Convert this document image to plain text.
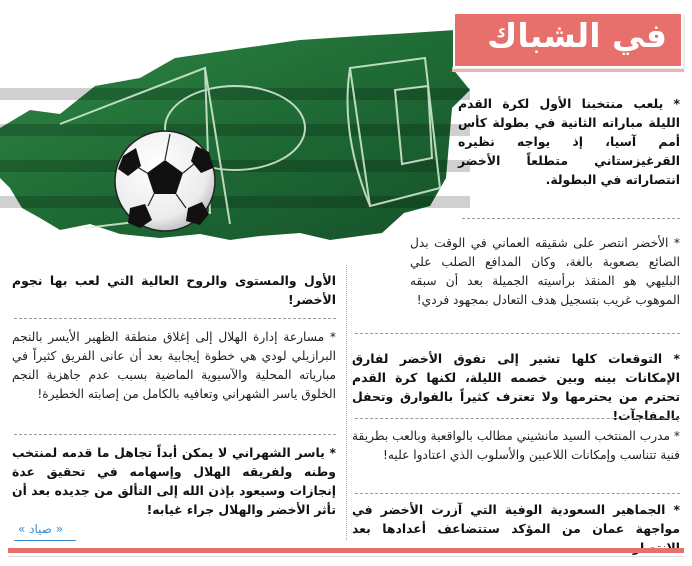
في الشباك
* يلعب منتخبنا الأول لكرة القدم الليلة مباراته الثانية في بطولة كأس أمم آسيا، إذ يواجه نظيره القرغيزستاني متطلعاً الأخضر انتصاراته في البطولة.
* الأخضر انتصر على شقيقه العماني في الوقت بدل الضائع بصعوبة بالغة، وكان المدافع الصلب علي البليهي هو المنقذ برأسيته الجميلة بعد أن سبقه الموهوب غريب بتسجيل هدف التعادل بمجهود فردي!
* التوقعات كلها تشير إلى تفوق الأخضر لفارق الإمكانات بينه وبين خصمه الليلة، لكنها كرة القدم تحترم من يحترمها ولا تعترف كثيراً بالفوارق وتحفل بالمفاجآت!
* مدرب المنتخب السيد مانشيني مطالب بالواقعية وبالعب بطريقة فنية تتناسب وإمكانات اللاعبين والأسلوب الذي اعتادوا عليه!
* الجماهير السعودية الوفية التي آزرت الأخضر في مواجهة عمان من المؤكد ستتضاعف أعدادها بعد
الأول والمستوى والروح العالية التي لعب بها نجوم الأخضر!
* مسارعة إدارة الهلال إلى إغلاق منطقة الظهير الأيسر بالنجم البرازيلي لودي هي خطوة إيجابية بعد أن عانى الفريق كثيراً في مبارياته المحلية والآسيوية الماضية بسبب عدم جاهزية النجم الخلوق ياسر الشهراني وتعافيه بالكامل من إصابته الخطيرة!
* ياسر الشهراني لا يمكن أبداً تجاهل ما قدمه لمنتخب وطنه ولفريقه الهلال وإسهامه في تحقيق عدة إنجازات وسيعود بإذن الله إلى التألق من جديده بعد أن تأثر الأخضر والهلال جراء غيابه!
« صياد »
